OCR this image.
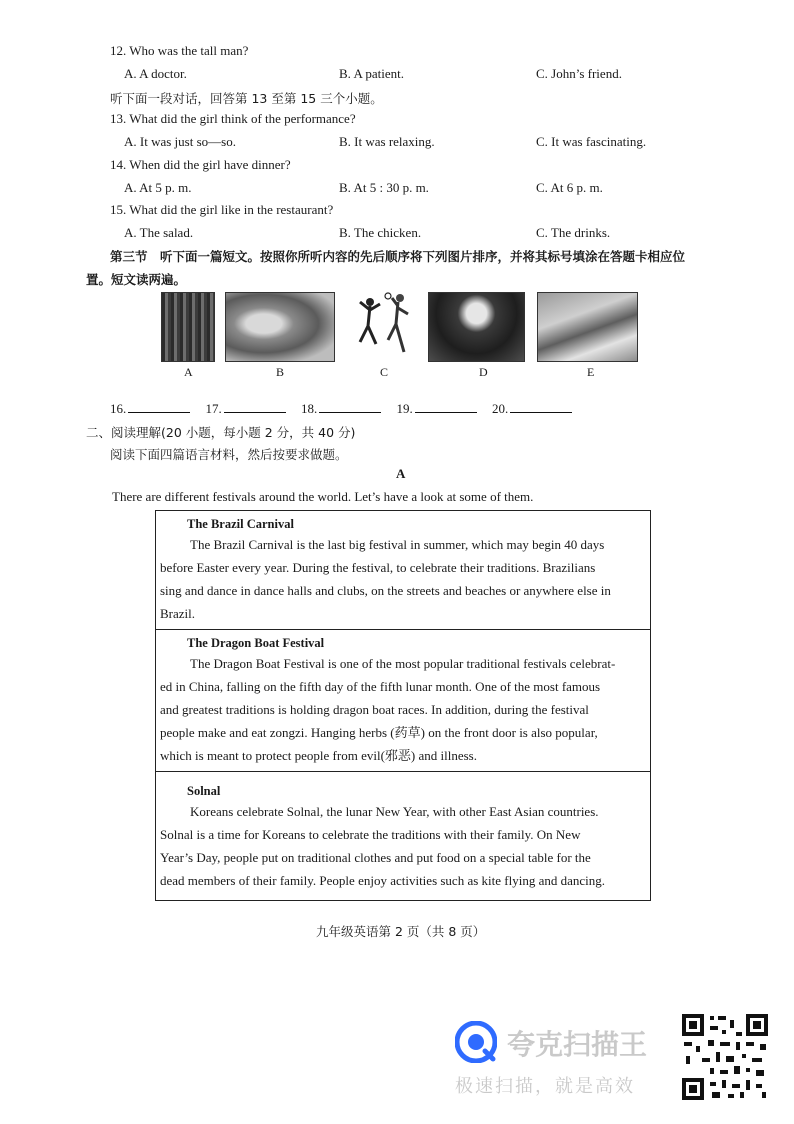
12. Who was the tall man?
A. A doctor.	B. A patient.	C. John’s friend.
听下面一段对话，回答第 13 至第 15 三个小题。
13. What did the girl think of the performance?
A. It was just so—so.	B. It was relaxing.	C. It was fascinating.
14. When did the girl have dinner?
A. At 5 p. m.	B. At 5 : 30 p. m.	C. At 6 p. m.
15. What did the girl like in the restaurant?
A. The salad.	B. The chicken.	C. The drinks.
第三节　听下面一篇短文。按照你所听内容的先后顺序将下列图片排序，并将其标号填涂在答题卡相应位
置。短文读两遍。
A	B	C	D	E
16.	17.	18.	19.	20.
二、阅读理解(20 小题，每小题 2 分，共 40 分)
阅读下面四篇语言材料，然后按要求做题。
A
There are different festivals around the world. Let’s have a look at some of them.
The Brazil Carnival

The Brazil Carnival is the last big festival in summer, which may begin 40 days

before Easter every year. During the festival, to celebrate their traditions. Brazilians

sing and dance in dance halls and clubs, on the streets and beaches or anywhere else in

Brazil.

The Dragon Boat Festival

The Dragon Boat Festival is one of the most popular traditional festivals celebrat-

ed in China, falling on the fifth day of the fifth lunar month. One of the most famous

and greatest traditions is holding dragon boat races. In addition, during the festival

people make and eat zongzi. Hanging herbs (药草) on the front door is also popular,

which is meant to protect people from evil(邪恶) and illness.

Solnal

Koreans celebrate Solnal, the lunar New Year, with other East Asian countries.

Solnal is a time for Koreans to celebrate the traditions with their family. On New

Year’s Day, people put on traditional clothes and put food on a special table for the

dead members of their family. People enjoy activities such as kite flying and dancing.

九年级英语第 2 页（共 8 页）
夸克扫描王
极速扫描，就是高效
